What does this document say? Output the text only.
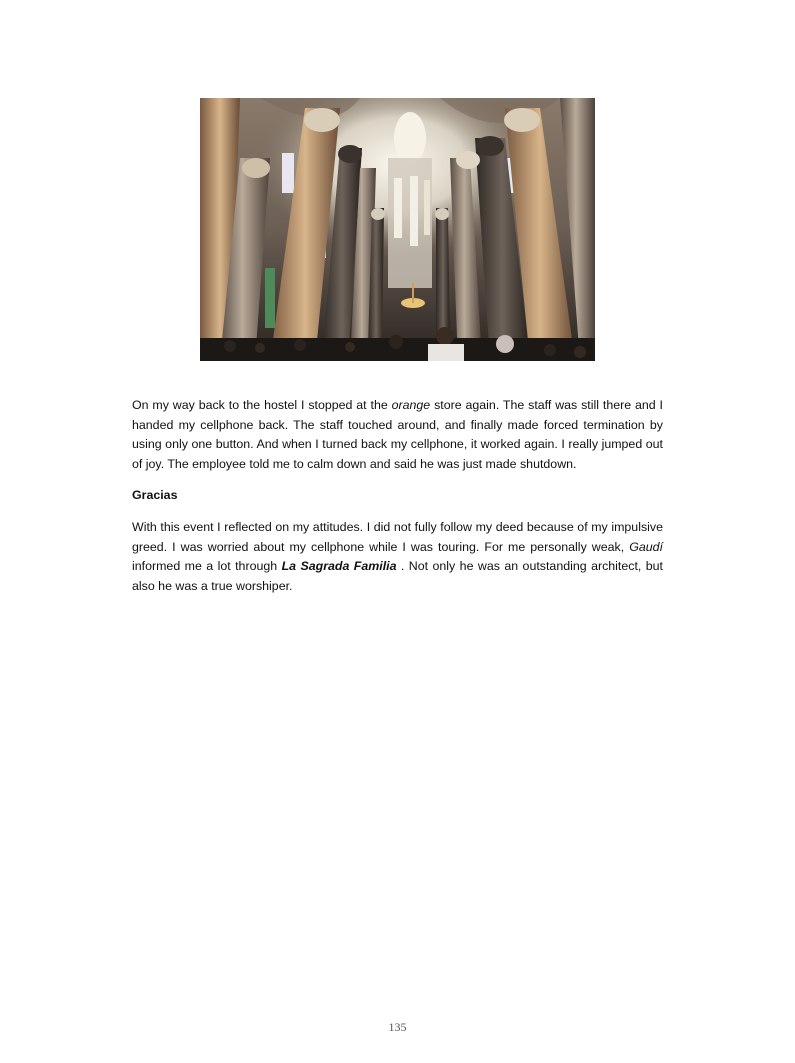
On my way back to the hostel I stopped at the orange store again. The staff was still there and I handed my cellphone back. The staff touched around, and finally made forced termination by using only one button. And when I turned back my cellphone, it worked again. I really jumped out of joy. The employee told me to calm down and said he was just made shutdown.

Gracias

With this event I reflected on my attitudes. I did not fully follow my deed because of my impulsive greed. I was worried about my cellphone while I was touring. For me personally weak, Gaudí informed me a lot through La Sagrada Familia . Not only he was an outstanding architect, but also he was a true worshiper.

135
